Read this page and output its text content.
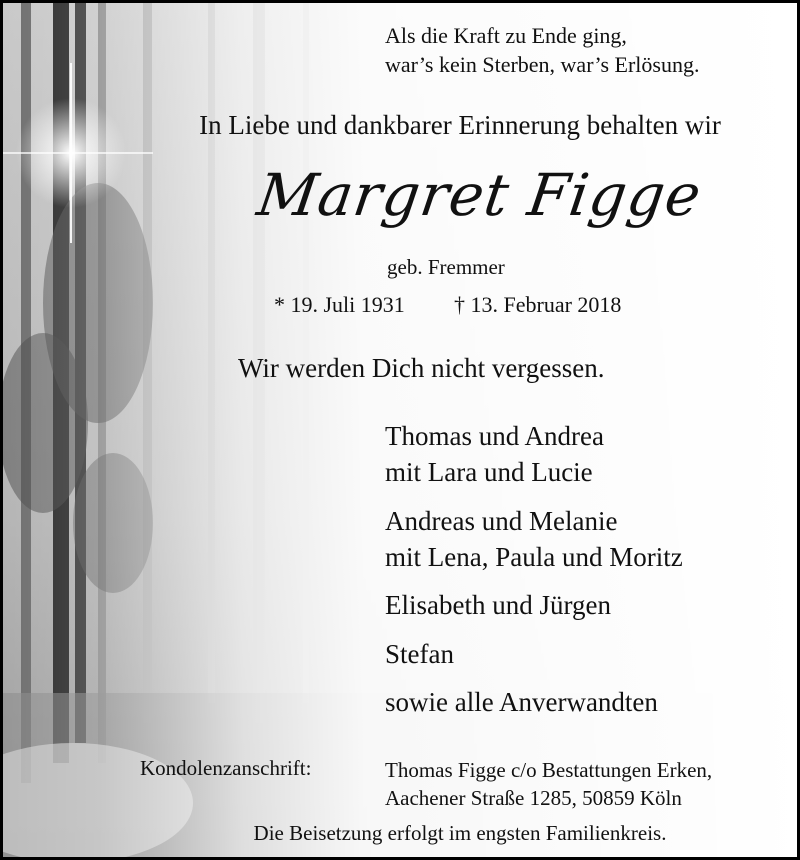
Als die Kraft zu Ende ging,
war’s kein Sterben, war’s Erlösung.
In Liebe und dankbarer Erinnerung behalten wir
Margret Figge
geb. Fremmer
* 19. Juli 1931 † 13. Februar 2018
Wir werden Dich nicht vergessen.
Thomas und Andrea
mit Lara und Lucie
Andreas und Melanie
mit Lena, Paula und Moritz
Elisabeth und Jürgen
Stefan
sowie alle Anverwandten
Kondolenzanschrift:	Thomas Figge c/o Bestattungen Erken,
Aachener Straße 1285, 50859 Köln
Die Beisetzung erfolgt im engsten Familienkreis.
